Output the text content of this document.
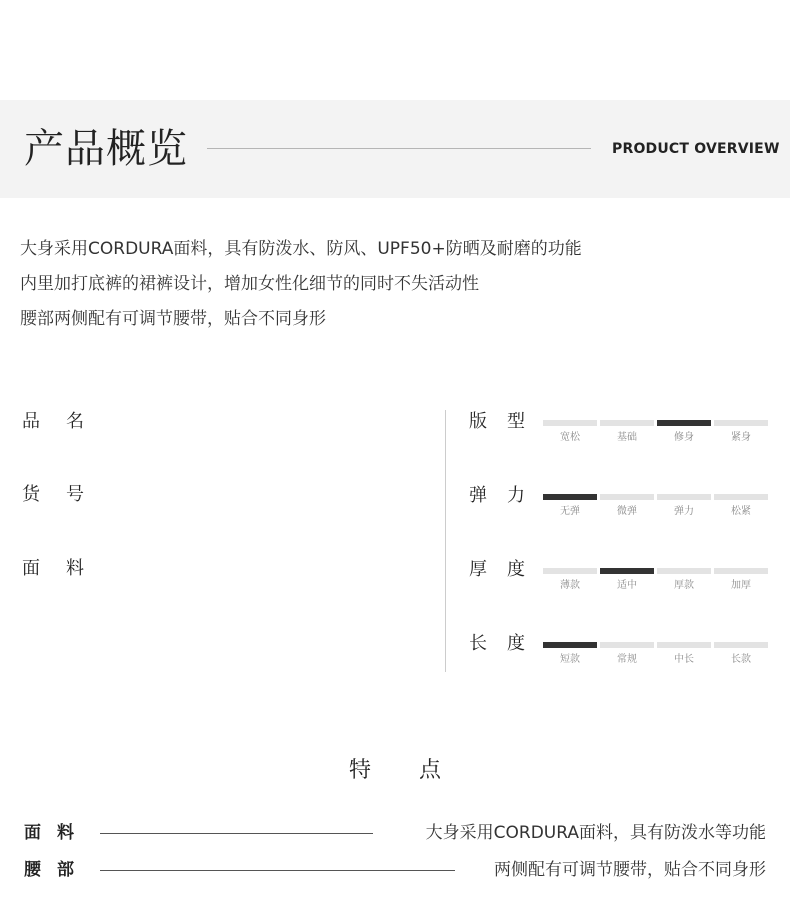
产品概览	PRODUCT OVERVIEW
大身采用CORDURA面料，具有防泼水、防风、UPF50+防晒及耐磨的功能
内里加打底裤的裙裤设计，增加女性化细节的同时不失活动性
腰部两侧配有可调节腰带，贴合不同身形
品 名
货 号
面 料
版 型
宽松	基础	修身	紧身
弹 力
无弹	微弹	弹力	松紧
厚 度
薄款	适中	厚款	加厚
长 度
短款	常规	中长	长款
特 点
面 料	大身采用CORDURA面料，具有防泼水等功能
腰 部	两侧配有可调节腰带，贴合不同身形
